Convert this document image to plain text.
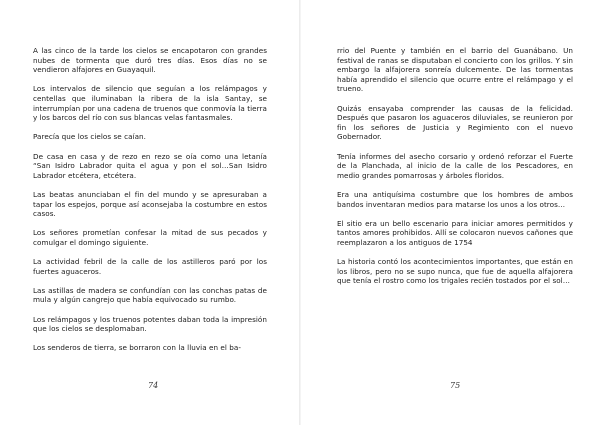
A las cinco de la tarde los cielos se encapotaron con grandes nubes de tormenta que duró tres días. Esos días no se vendieron alfajores en Guayaquil.

Los intervalos de silencio que seguían a los relámpagos y centellas que iluminaban la ribera de la isla Santay, se interrumpían por una cadena de truenos que conmovía la tierra y los barcos del río con sus blancas velas fantasmales.

Parecía que los cielos se caían.

De casa en casa y de rezo en rezo se oía como una letanía “San Isidro Labrador quita el agua y pon el sol…San Isidro Labrador etcétera, etcétera.

Las beatas anunciaban el fin del mundo y se apresuraban a tapar los espejos, porque así aconsejaba la costumbre en estos casos.

Los señores prometían confesar la mitad de sus pecados y comulgar el domingo siguiente.

La actividad febril de la calle de los astilleros paró por los fuertes aguaceros.

Las astillas de madera se confundían con las conchas patas de mula y algún cangrejo que había equivocado su rumbo.

Los relámpagos y los truenos potentes daban toda la impresión que los cielos se desplomaban.

Los senderos de tierra, se borraron con la lluvia en el ba-

74

rrio del Puente y también en el barrio del Guanábano. Un festival de ranas se disputaban el concierto con los grillos. Y sin embargo la alfajorera sonreía dulcemente. De las tormentas había aprendido el silencio que ocurre entre el relámpago y el trueno.

Quizás ensayaba comprender las causas de la felicidad. Después que pasaron los aguaceros diluviales, se reunieron por fin los señores de Justicia y Regimiento con el nuevo Gobernador.

Tenía informes del asecho corsario y ordenó reforzar el Fuerte de la Planchada, al inicio de la calle de los Pescadores, en medio grandes pomarrosas y árboles floridos.

Era una antiquísima costumbre que los hombres de ambos bandos inventaran medios para matarse los unos a los otros…

El sitio era un bello escenario para iniciar amores permitidos y tantos amores prohibidos. Allí se colocaron nuevos cañones que reemplazaron a los antiguos de 1754

La historia contó los acontecimientos importantes, que están en los libros, pero no se supo nunca, que fue de aquella alfajorera que tenía el rostro como los trigales recién tostados por el sol…

75
